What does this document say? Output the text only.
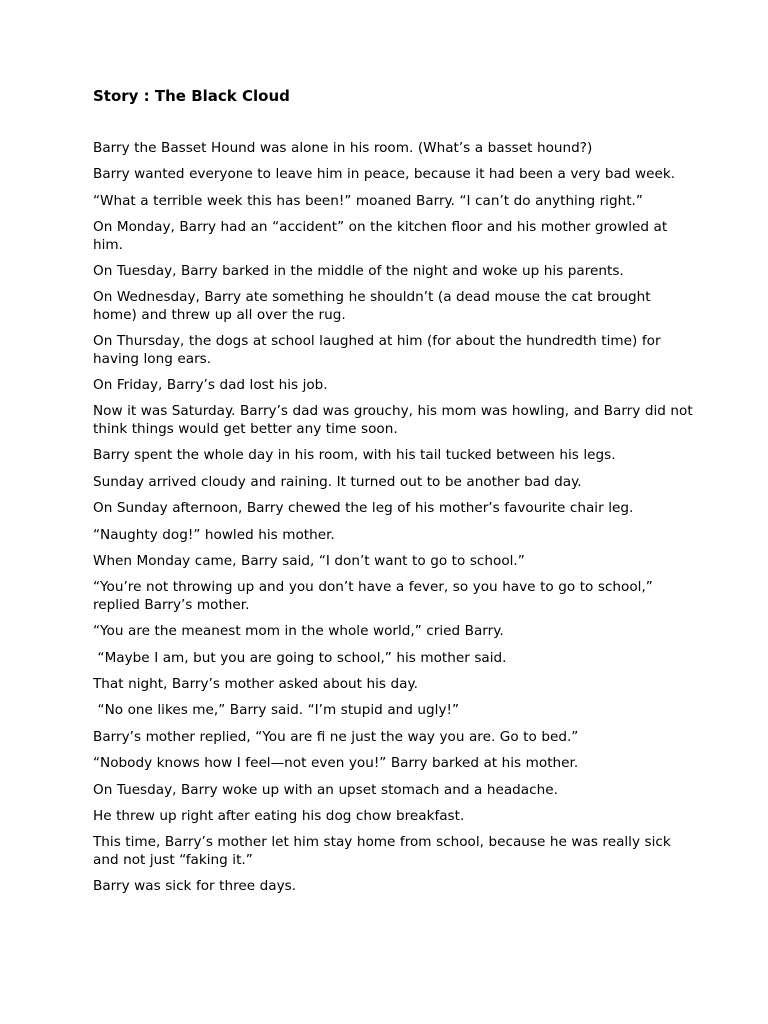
Story : The Black Cloud

Barry the Basset Hound was alone in his room. (What’s a basset hound?)

Barry wanted everyone to leave him in peace, because it had been a very bad week.

“What a terrible week this has been!” moaned Barry. “I can’t do anything right.”

On Monday, Barry had an “accident” on the kitchen floor and his mother growled at him.

On Tuesday, Barry barked in the middle of the night and woke up his parents.

On Wednesday, Barry ate something he shouldn’t (a dead mouse the cat brought home) and threw up all over the rug.

On Thursday, the dogs at school laughed at him (for about the hundredth time) for having long ears.

On Friday, Barry’s dad lost his job.

Now it was Saturday. Barry’s dad was grouchy, his mom was howling, and Barry did not think things would get better any time soon.

Barry spent the whole day in his room, with his tail tucked between his legs.

Sunday arrived cloudy and raining. It turned out to be another bad day.

On Sunday afternoon, Barry chewed the leg of his mother’s favourite chair leg.

“Naughty dog!” howled his mother.

When Monday came, Barry said, “I don’t want to go to school.”

“You’re not throwing up and you don’t have a fever, so you have to go to school,” replied Barry’s mother.

“You are the meanest mom in the whole world,” cried Barry.

“Maybe I am, but you are going to school,” his mother said.

That night, Barry’s mother asked about his day.

“No one likes me,” Barry said. “I’m stupid and ugly!”

Barry’s mother replied, “You are ﬁ ne just the way you are. Go to bed.”

“Nobody knows how I feel—not even you!” Barry barked at his mother.

On Tuesday, Barry woke up with an upset stomach and a headache.

He threw up right after eating his dog chow breakfast.

This time, Barry’s mother let him stay home from school, because he was really sick and not just “faking it.”

Barry was sick for three days.
